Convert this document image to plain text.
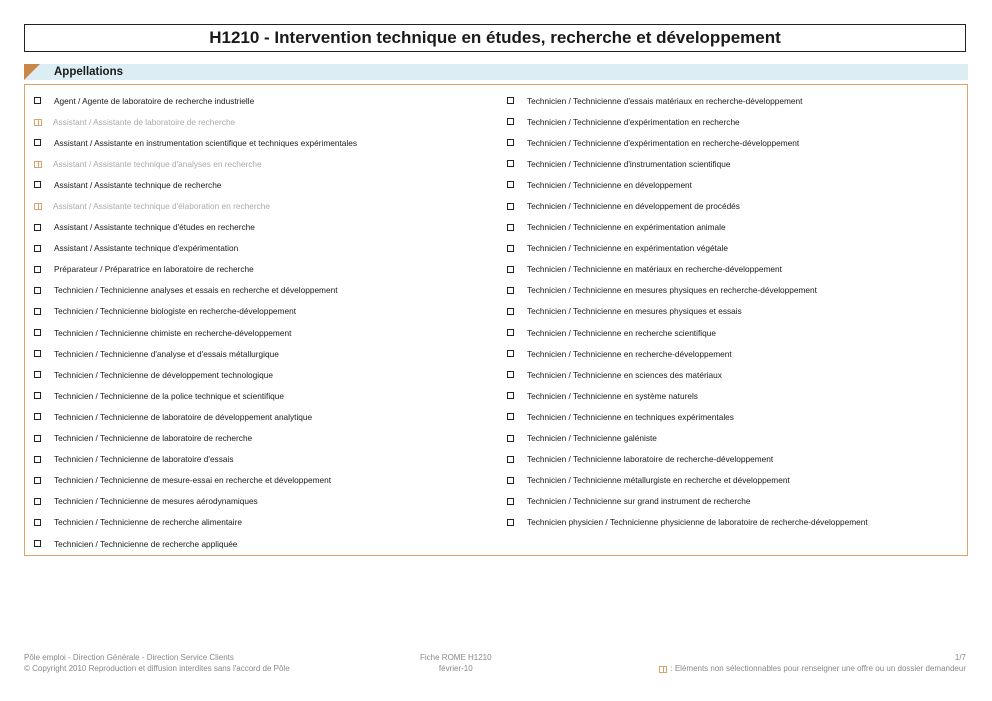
H1210 - Intervention technique en études, recherche et développement
Appellations
Agent / Agente de laboratoire de recherche industrielle
Assistant / Assistante de laboratoire de recherche
Assistant / Assistante en instrumentation scientifique et techniques expérimentales
Assistant / Assistante technique d'analyses en recherche
Assistant / Assistante technique de recherche
Assistant / Assistante technique d'élaboration en recherche
Assistant / Assistante technique d'études en recherche
Assistant / Assistante technique d'expérimentation
Préparateur / Préparatrice en laboratoire de recherche
Technicien / Technicienne analyses et essais en recherche et développement
Technicien / Technicienne biologiste en recherche-développement
Technicien / Technicienne chimiste en recherche-développement
Technicien / Technicienne d'analyse et d'essais métallurgique
Technicien / Technicienne de développement technologique
Technicien / Technicienne de la police technique et scientifique
Technicien / Technicienne de laboratoire de développement analytique
Technicien / Technicienne de laboratoire de recherche
Technicien / Technicienne de laboratoire d'essais
Technicien / Technicienne de mesure-essai en recherche et développement
Technicien / Technicienne de mesures aérodynamiques
Technicien / Technicienne de recherche alimentaire
Technicien / Technicienne de recherche appliquée
Technicien / Technicienne d'essais matériaux en recherche-développement
Technicien / Technicienne d'expérimentation en recherche
Technicien / Technicienne d'expérimentation en recherche-développement
Technicien / Technicienne d'instrumentation scientifique
Technicien / Technicienne en développement
Technicien / Technicienne en développement de procédés
Technicien / Technicienne en expérimentation animale
Technicien / Technicienne en expérimentation végétale
Technicien / Technicienne en matériaux en recherche-développement
Technicien / Technicienne en mesures physiques en recherche-développement
Technicien / Technicienne en mesures physiques et essais
Technicien / Technicienne en recherche scientifique
Technicien / Technicienne en recherche-développement
Technicien / Technicienne en sciences des matériaux
Technicien / Technicienne en système naturels
Technicien / Technicienne en techniques expérimentales
Technicien / Technicienne galéniste
Technicien / Technicienne laboratoire de recherche-développement
Technicien / Technicienne métallurgiste en recherche et développement
Technicien / Technicienne sur grand instrument de recherche
Technicien physicien / Technicienne physicienne de laboratoire de recherche-développement
Pôle emploi - Direction Générale - Direction Service Clients
© Copyright 2010 Reproduction et diffusion interdites sans l'accord de Pôle
Fiche ROME H1210
février-10
1/7
: Eléments non sélectionnables pour renseigner une offre ou un dossier demandeur
